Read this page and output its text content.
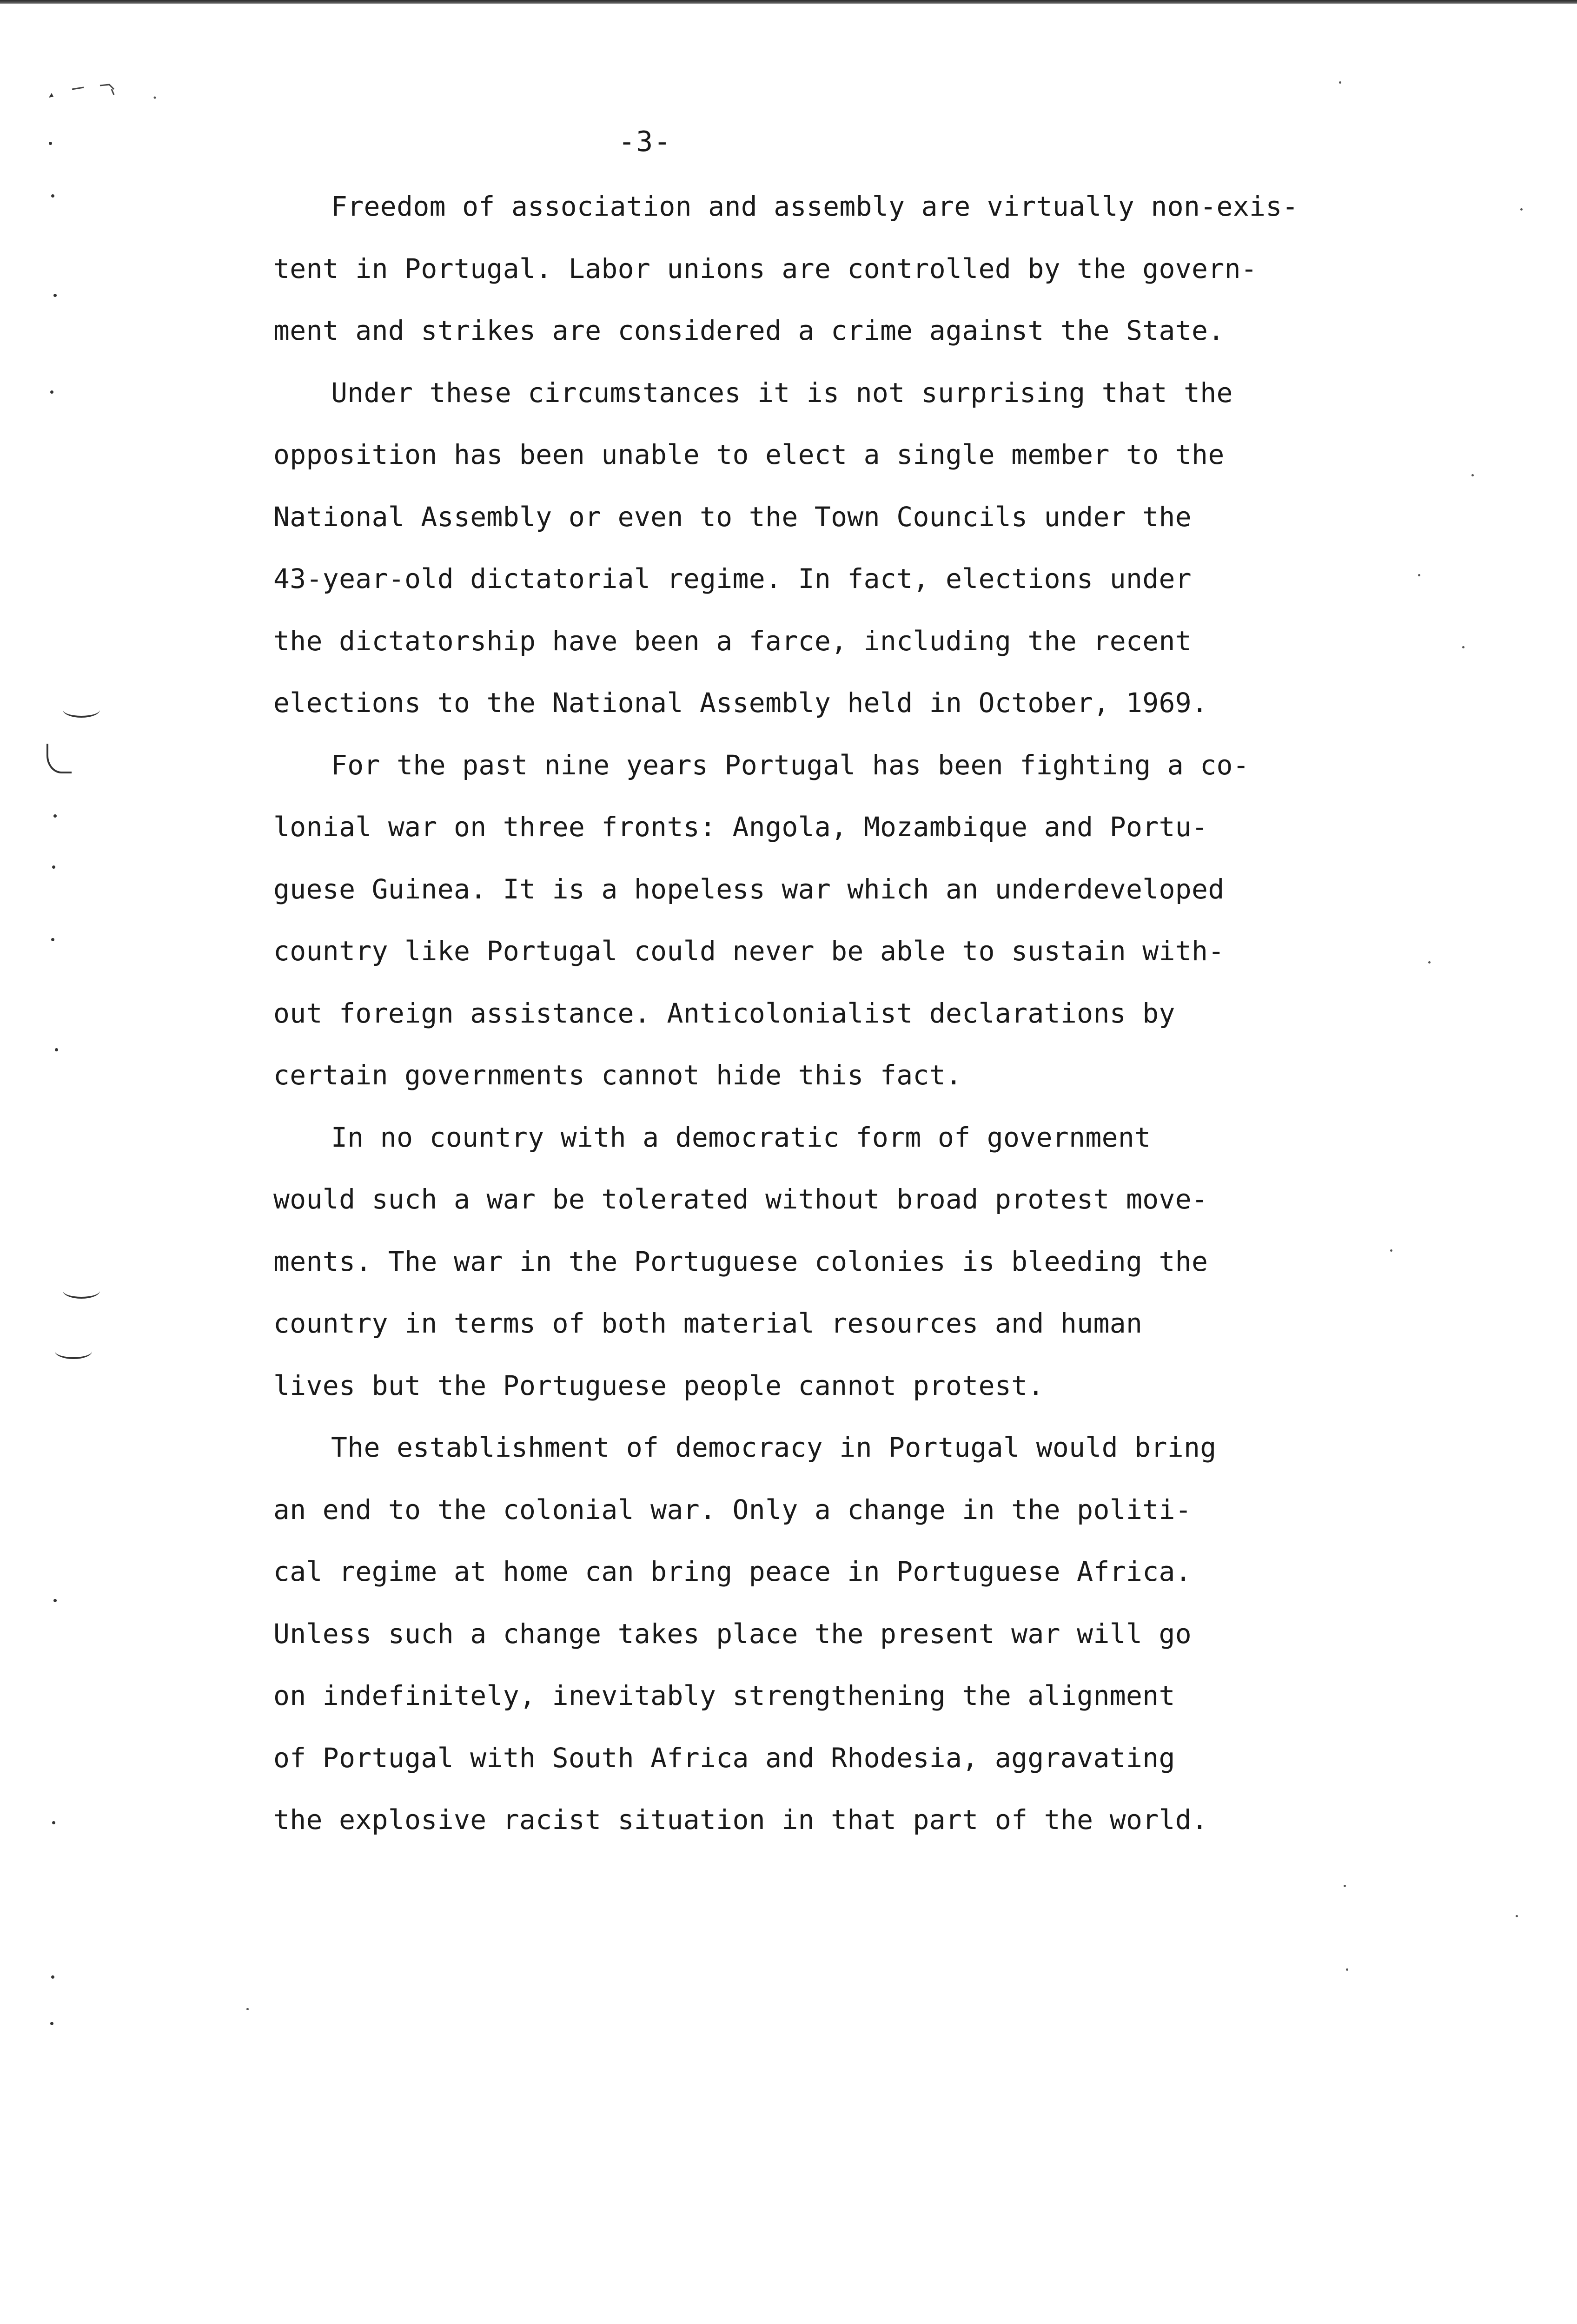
-3-
Freedom of association and assembly are virtually non-exis-
tent in Portugal. Labor unions are controlled by the govern-
ment and strikes are considered a crime against the State.
Under these circumstances it is not surprising that the
opposition has been unable to elect a single member to the
National Assembly or even to the Town Councils under the
43-year-old dictatorial regime. In fact, elections under
the dictatorship have been a farce, including the recent
elections to the National Assembly held in October, 1969.
For the past nine years Portugal has been fighting a co-
lonial war on three fronts: Angola, Mozambique and Portu-
guese Guinea. It is a hopeless war which an underdeveloped
country like Portugal could never be able to sustain with-
out foreign assistance. Anticolonialist declarations by
certain governments cannot hide this fact.
In no country with a democratic form of government
would such a war be tolerated without broad protest move-
ments. The war in the Portuguese colonies is bleeding the
country in terms of both material resources and human
lives but the Portuguese people cannot protest.
The establishment of democracy in Portugal would bring
an end to the colonial war. Only a change in the politi-
cal regime at home can bring peace in Portuguese Africa.
Unless such a change takes place the present war will go
on indefinitely, inevitably strengthening the alignment
of Portugal with South Africa and Rhodesia, aggravating
the explosive racist situation in that part of the world.
